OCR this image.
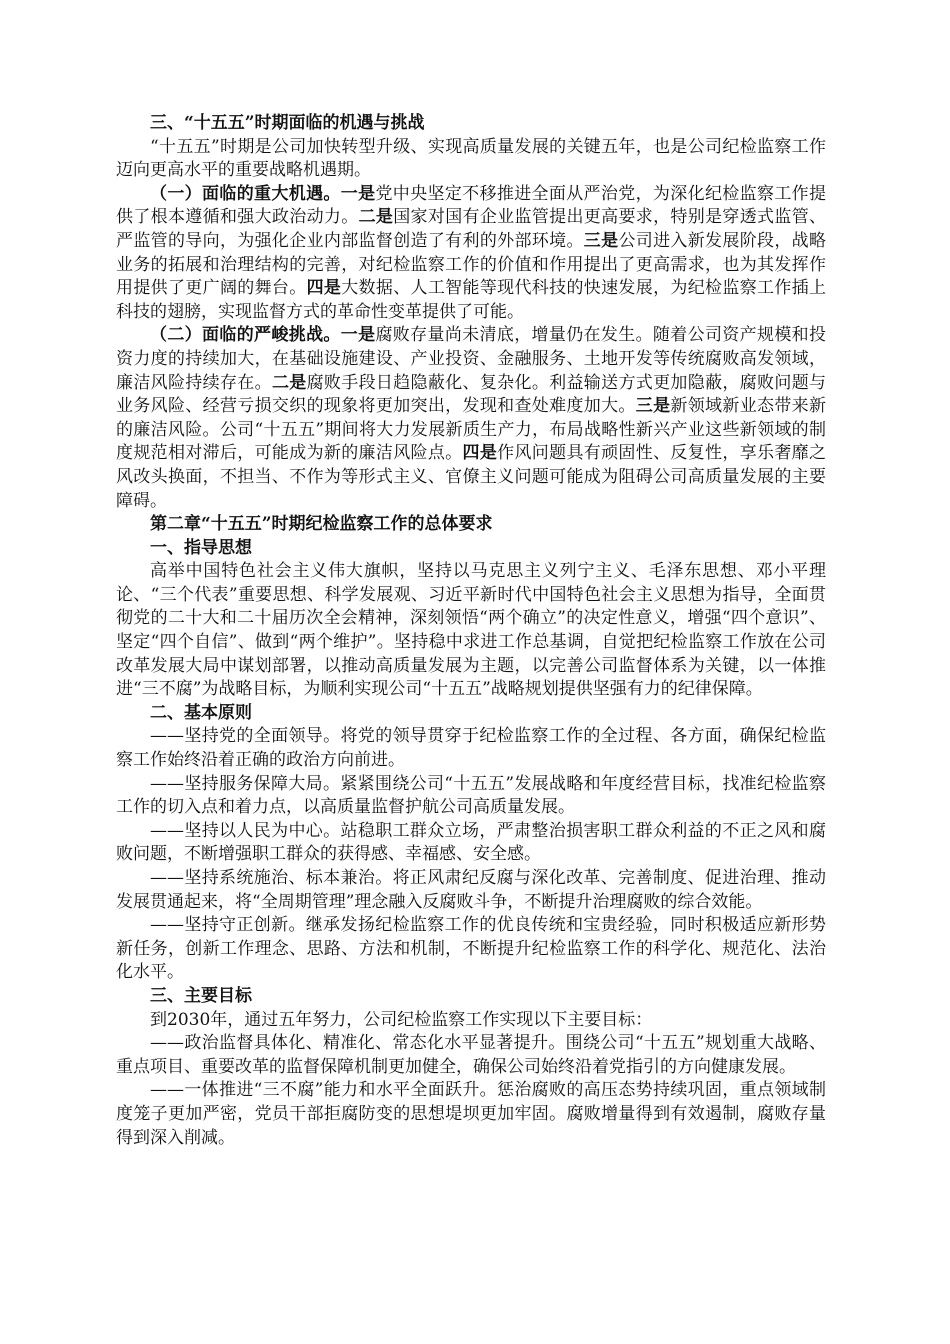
三、“十五五”时期面临的机遇与挑战

“十五五”时期是公司加快转型升级、实现高质量发展的关键五年，也是公司纪检监察工作迈向更高水平的重要战略机遇期。

（一）面临的重大机遇。一是党中央坚定不移推进全面从严治党，为深化纪检监察工作提供了根本遵循和强大政治动力。二是国家对国有企业监管提出更高要求，特别是穿透式监管、严监管的导向，为强化企业内部监督创造了有利的外部环境。三是公司进入新发展阶段，战略业务的拓展和治理结构的完善，对纪检监察工作的价值和作用提出了更高需求，也为其发挥作用提供了更广阔的舞台。四是大数据、人工智能等现代科技的快速发展，为纪检监察工作插上科技的翅膀，实现监督方式的革命性变革提供了可能。

（二）面临的严峻挑战。一是腐败存量尚未清底，增量仍在发生。随着公司资产规模和投资力度的持续加大，在基础设施建设、产业投资、金融服务、土地开发等传统腐败高发领域，廉洁风险持续存在。二是腐败手段日趋隐蔽化、复杂化。利益输送方式更加隐蔽，腐败问题与业务风险、经营亏损交织的现象将更加突出，发现和查处难度加大。三是新领域新业态带来新的廉洁风险。公司“十五五”期间将大力发展新质生产力，布局战略性新兴产业这些新领域的制度规范相对滞后，可能成为新的廉洁风险点。四是作风问题具有顽固性、反复性，享乐奢靡之风改头换面，不担当、不作为等形式主义、官僚主义问题可能成为阻碍公司高质量发展的主要障碍。

第二章“十五五”时期纪检监察工作的总体要求

一、指导思想

高举中国特色社会主义伟大旗帜，坚持以马克思主义列宁主义、毛泽东思想、邓小平理论、“三个代表”重要思想、科学发展观、习近平新时代中国特色社会主义思想为指导，全面贯彻党的二十大和二十届历次全会精神，深刻领悟“两个确立”的决定性意义，增强“四个意识”、坚定“四个自信”、做到“两个维护”。坚持稳中求进工作总基调，自觉把纪检监察工作放在公司改革发展大局中谋划部署，以推动高质量发展为主题，以完善公司监督体系为关键，以一体推进“三不腐”为战略目标，为顺利实现公司“十五五”战略规划提供坚强有力的纪律保障。

二、基本原则

——坚持党的全面领导。将党的领导贯穿于纪检监察工作的全过程、各方面，确保纪检监察工作始终沿着正确的政治方向前进。

——坚持服务保障大局。紧紧围绕公司“十五五”发展战略和年度经营目标，找准纪检监察工作的切入点和着力点，以高质量监督护航公司高质量发展。

——坚持以人民为中心。站稳职工群众立场，严肃整治损害职工群众利益的不正之风和腐败问题，不断增强职工群众的获得感、幸福感、安全感。

——坚持系统施治、标本兼治。将正风肃纪反腐与深化改革、完善制度、促进治理、推动发展贯通起来，将“全周期管理”理念融入反腐败斗争，不断提升治理腐败的综合效能。

——坚持守正创新。继承发扬纪检监察工作的优良传统和宝贵经验，同时积极适应新形势新任务，创新工作理念、思路、方法和机制，不断提升纪检监察工作的科学化、规范化、法治化水平。

三、主要目标

到2030年，通过五年努力，公司纪检监察工作实现以下主要目标：

——政治监督具体化、精准化、常态化水平显著提升。围绕公司“十五五”规划重大战略、重点项目、重要改革的监督保障机制更加健全，确保公司始终沿着党指引的方向健康发展。

——一体推进“三不腐”能力和水平全面跃升。惩治腐败的高压态势持续巩固，重点领域制度笼子更加严密，党员干部拒腐防变的思想堤坝更加牢固。腐败增量得到有效遏制，腐败存量得到深入削减。
